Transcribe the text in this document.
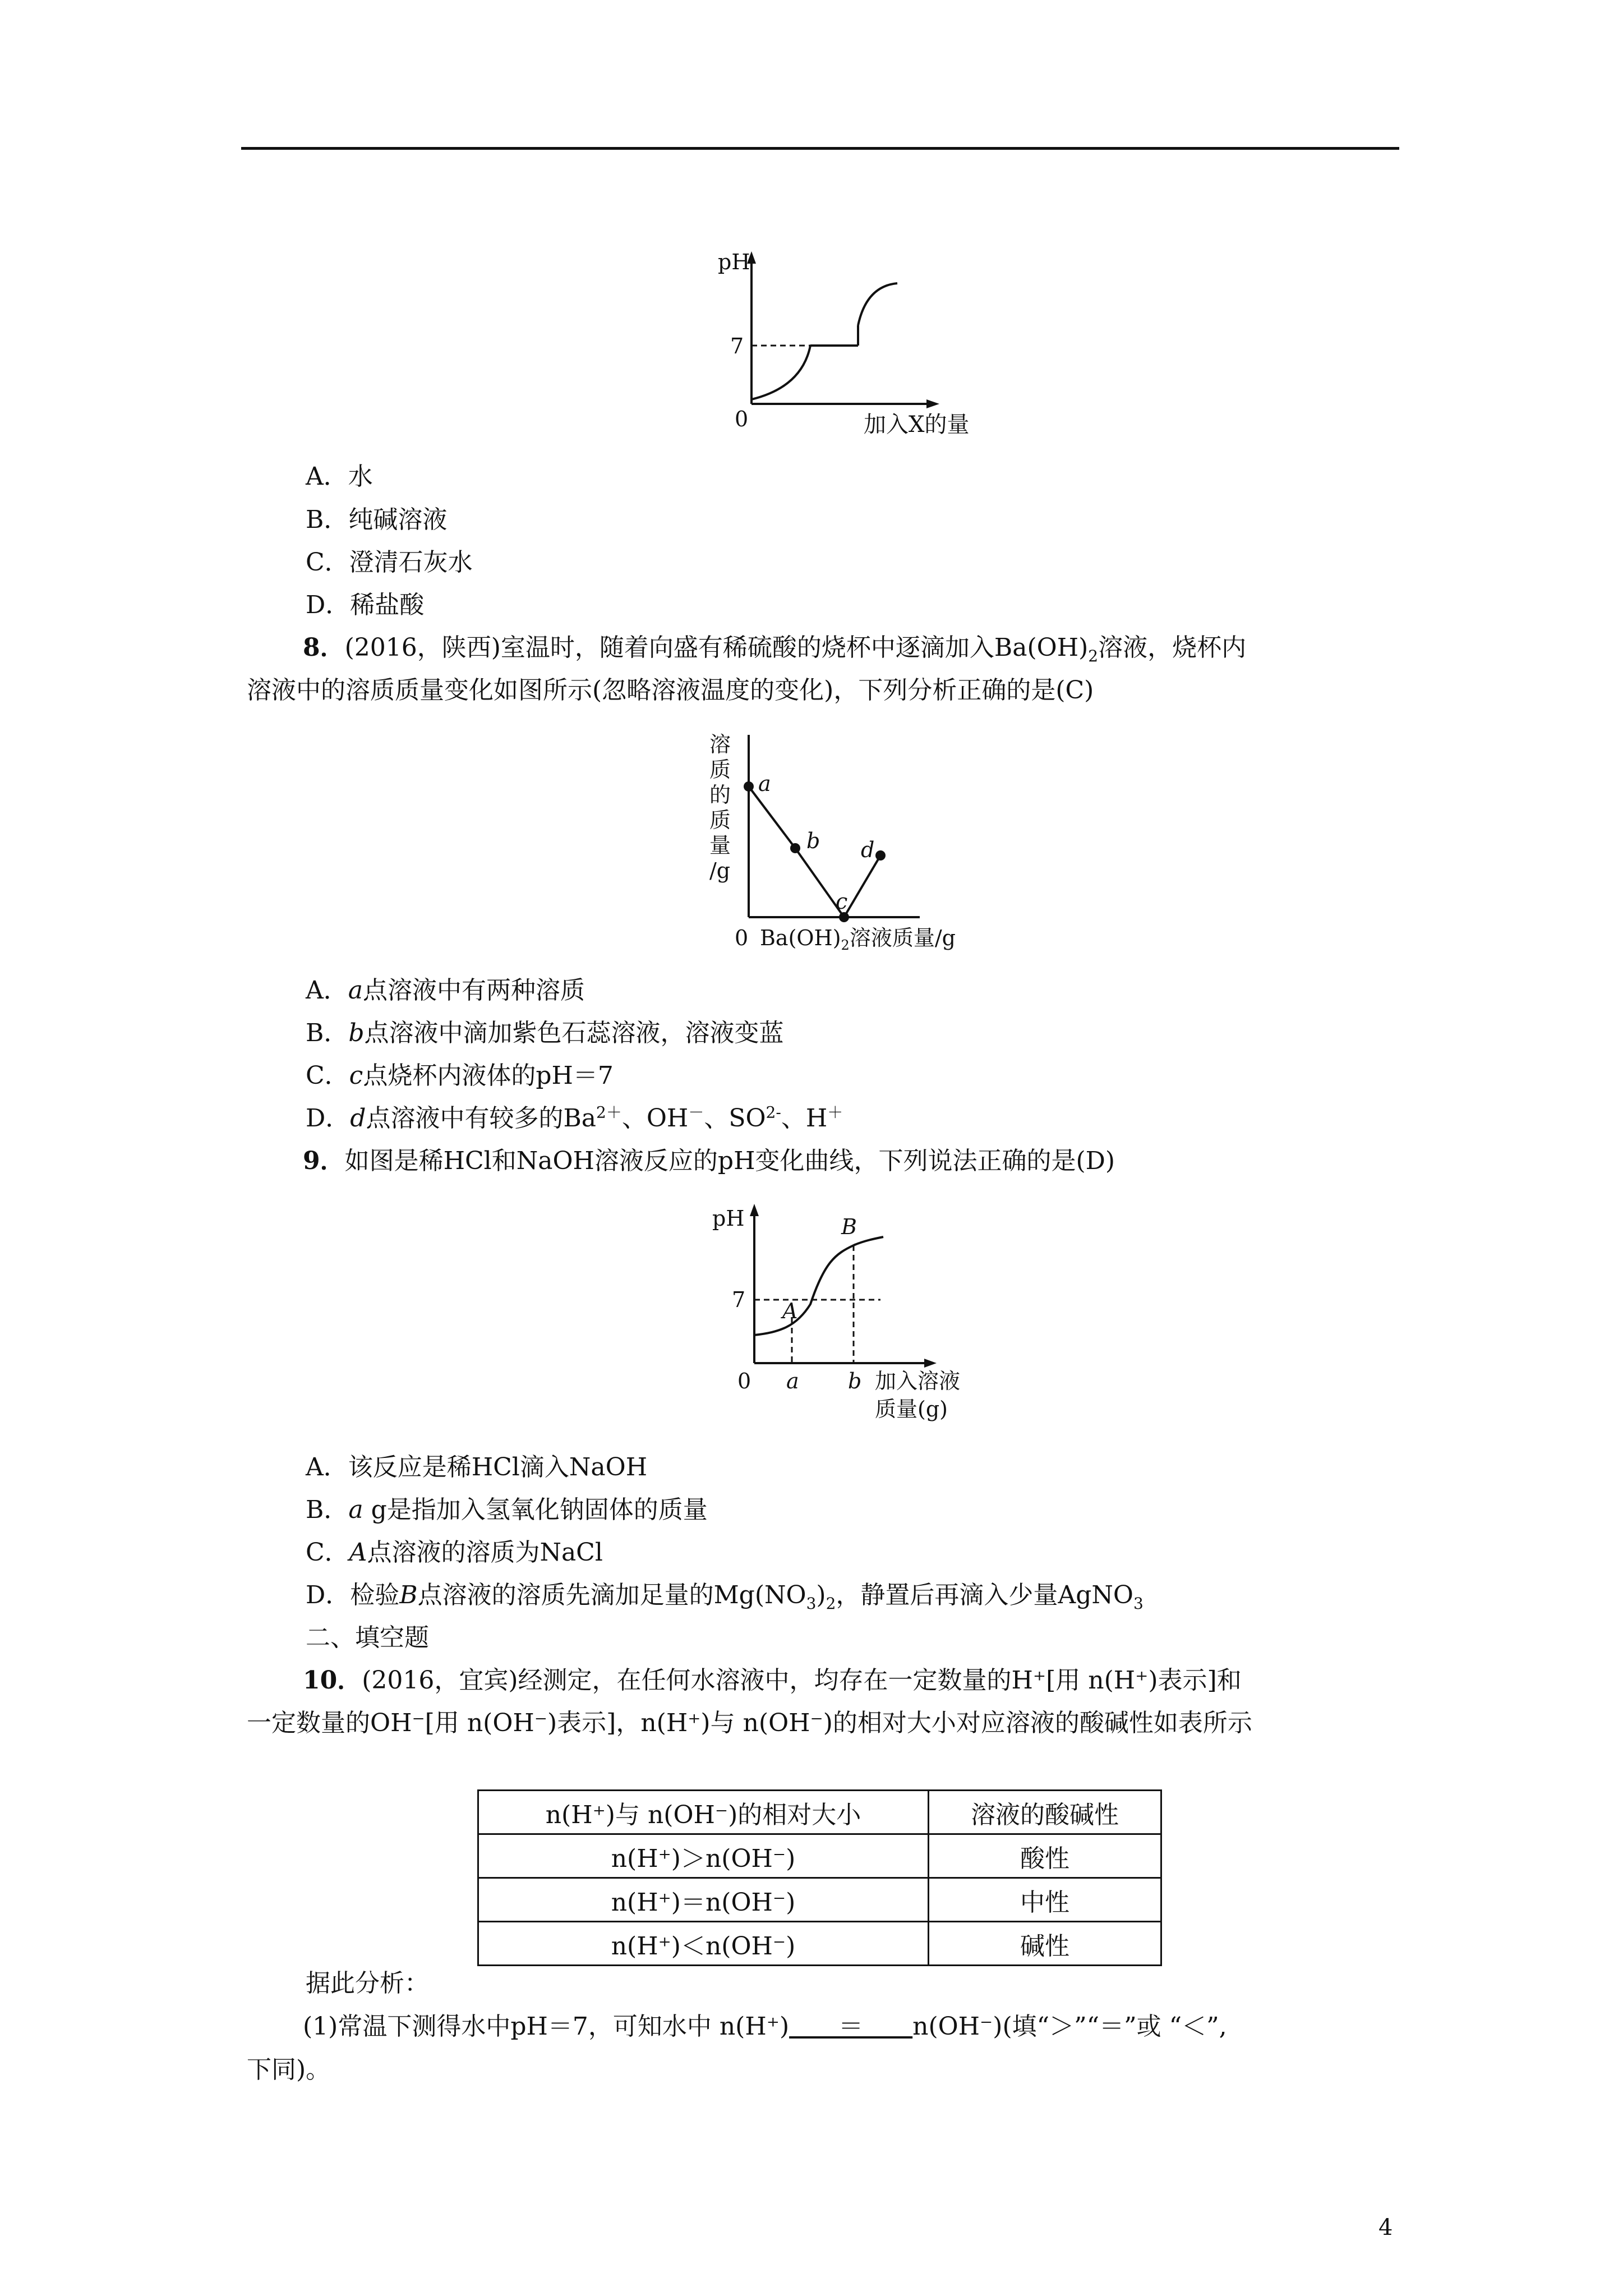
pH
7
0	加入X的量
A．水
B．纯碱溶液
C．澄清石灰水
D．稀盐酸
8．(2016，陕西)室温时，随着向盛有稀硫酸的烧杯中逐滴加入$Ba(OH)_2$溶液，烧杯内
溶液中的溶质质量变化如图所示(忽略溶液温度的变化)，下列分析正确的是(C)
a
b
c
d
溶
质
的
质
量
/g
0 $Ba(OH)_2$溶液质量/g
A．a点溶液中有两种溶质
B．b点溶液中滴加紫色石蕊溶液，溶液变蓝
C．c点烧杯内液体的pH＝7
D．d点溶液中有较多的$Ba^{2+}$、OH－、$SO^{2-}$、H＋
9．如图是稀HCl和NaOH溶液反应的pH变化曲线，下列说法正确的是(D)
pH
7
0
A
B
a b 加入溶液
质量(g)
A．该反应是稀HCl滴入NaOH
B．a g是指加入氢氧化钠固体的质量
C．A点溶液的溶质为NaCl
D．检验B点溶液的溶质先滴加足量的$Mg(NO_3)_2$，静置后再滴入少量AgNO$_3$
二、填空题
10．(2016，宜宾)经测定，在任何水溶液中，均存在一定数量的H⁺[用 n(H⁺)表示]和
一定数量的OH⁻[用 n(OH⁻)表示]，n(H⁺)与 n(OH⁻)的相对大小对应溶液的酸碱性如表所示
n(H⁺)与 n(OH⁻)的相对大小	溶液的酸碱性
n(H⁺)＞n(OH⁻)	酸性
n(H⁺)＝n(OH⁻)	中性
n(H⁺)＜n(OH⁻)	碱性
据此分析：
(1)常温下测得水中pH＝7，可知水中 n(H⁺)＿＿＝＿＿n(OH⁻)(填“＞”“＝”或 “＜”,
下同)。
4
